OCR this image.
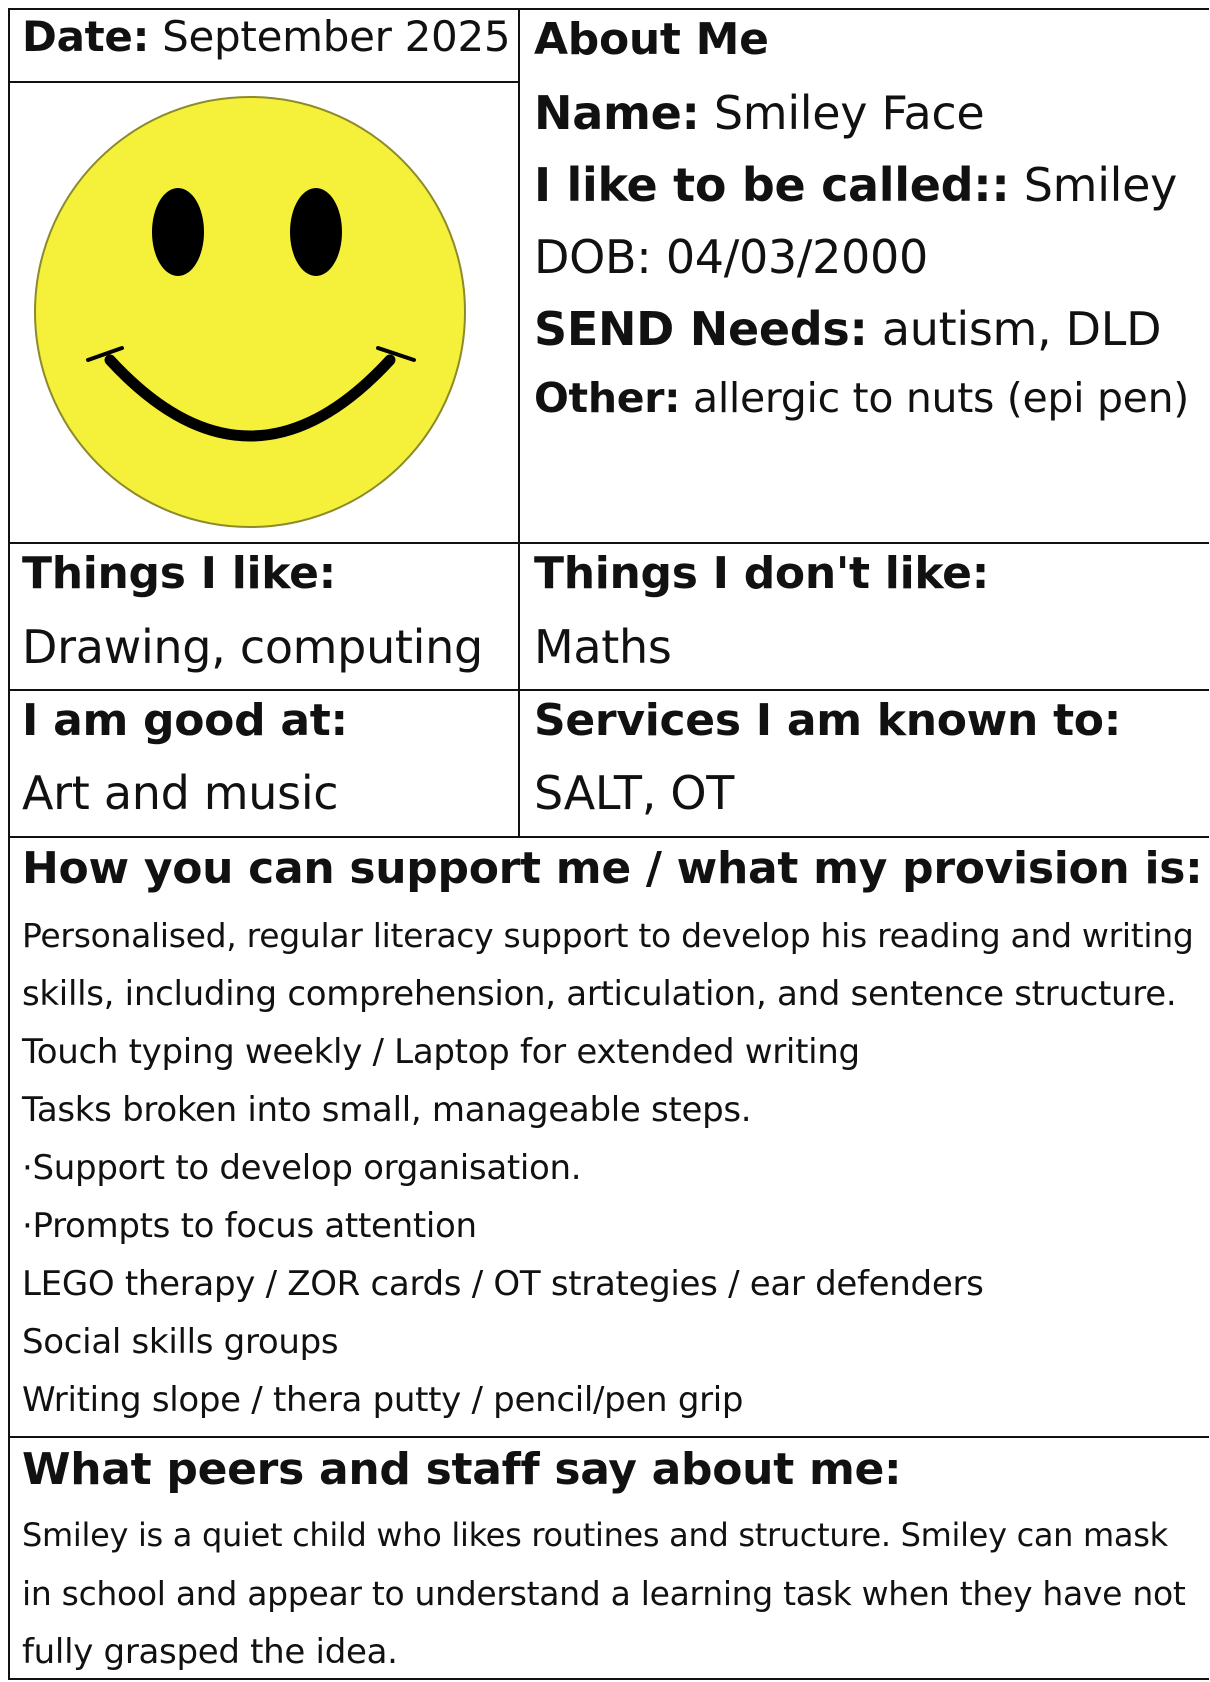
Date: September 2025 About Me
Name: Smiley Face
I like to be called:: Smiley
DOB: 04/03/2000
SEND Needs: autism, DLD
Other: allergic to nuts (epi pen)
Things I like:
Drawing, computing
Things I don't like:
Maths
I am good at:
Art and music
Services I am known to:
SALT, OT
How you can support me / what my provision is:
Personalised, regular literacy support to develop his reading and writing
skills, including comprehension, articulation, and sentence structure.
Touch typing weekly / Laptop for extended writing
Tasks broken into small, manageable steps.
·Support to develop organisation.
·Prompts to focus attention
LEGO therapy / ZOR cards / OT strategies / ear defenders
Social skills groups
Writing slope / thera putty / pencil/pen grip
What peers and staff say about me:
Smiley is a quiet child who likes routines and structure. Smiley can mask
in school and appear to understand a learning task when they have not
fully grasped the idea.
